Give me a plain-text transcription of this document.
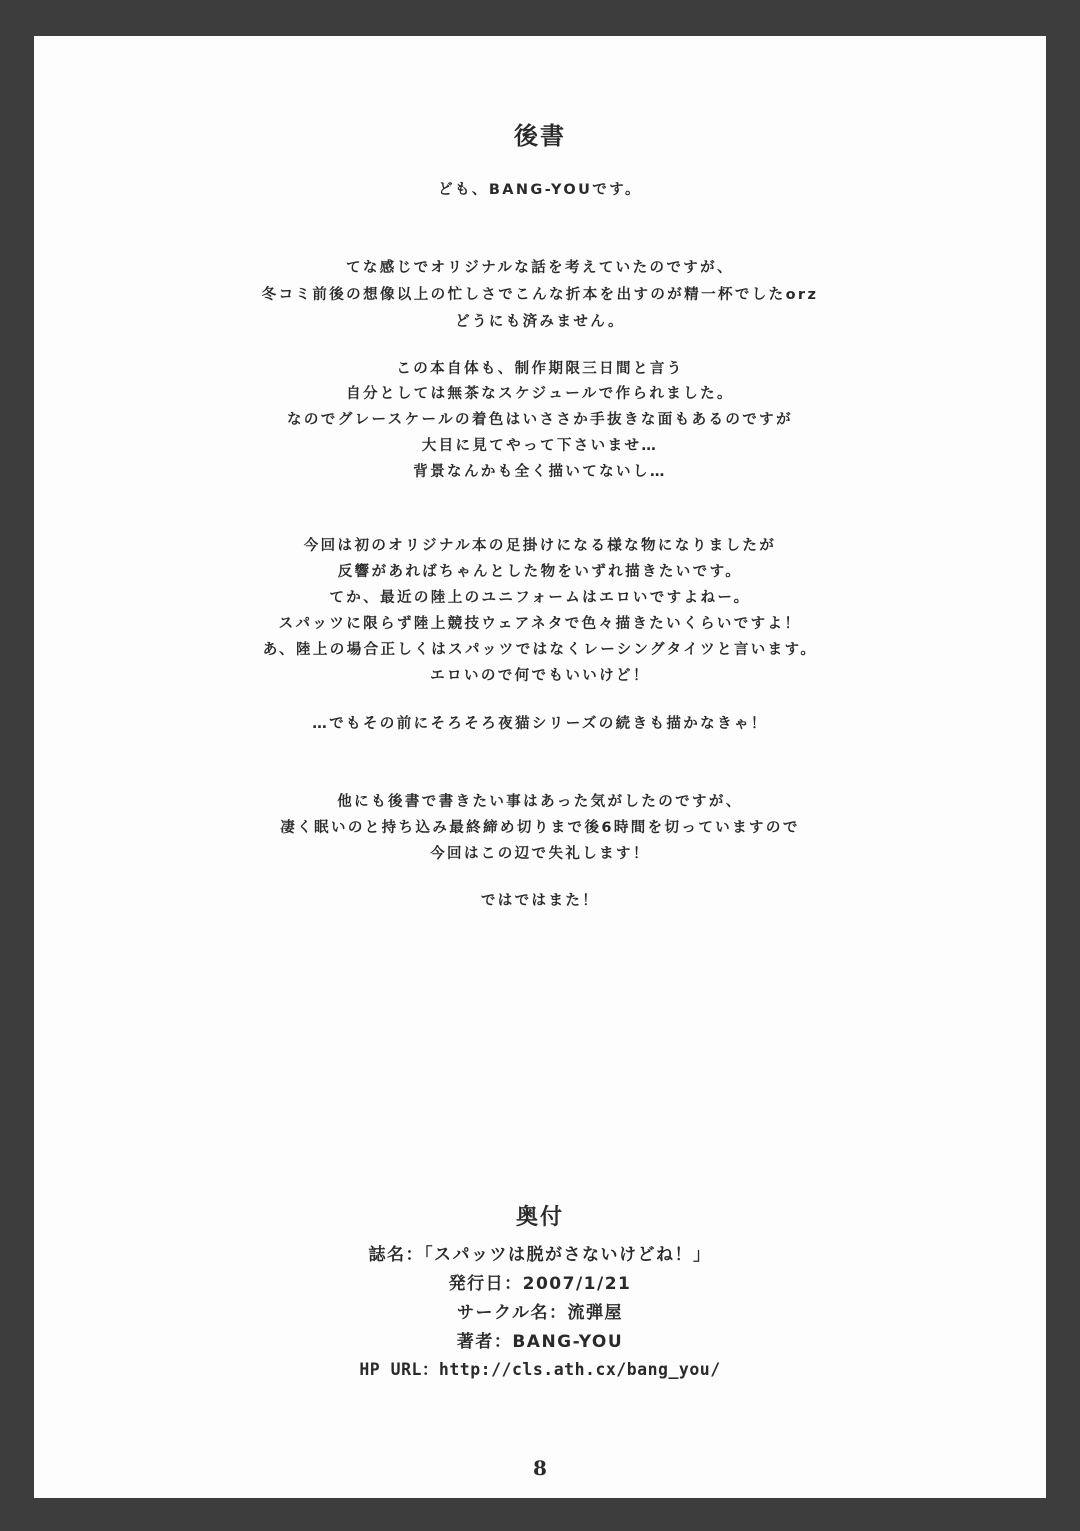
後書
ども、BANG-YOUです。
てな感じでオリジナルな話を考えていたのですが、
冬コミ前後の想像以上の忙しさでこんな折本を出すのが精一杯でしたorz
どうにも済みません。
この本自体も、制作期限三日間と言う
自分としては無茶なスケジュールで作られました。
なのでグレースケールの着色はいささか手抜きな面もあるのですが
大目に見てやって下さいませ…
背景なんかも全く描いてないし…
今回は初のオリジナル本の足掛けになる様な物になりましたが
反響があればちゃんとした物をいずれ描きたいです。
てか、最近の陸上のユニフォームはエロいですよねー。
スパッツに限らず陸上競技ウェアネタで色々描きたいくらいですよ！
あ、陸上の場合正しくはスパッツではなくレーシングタイツと言います。
エロいので何でもいいけど！
…でもその前にそろそろ夜猫シリーズの続きも描かなきゃ！
他にも後書で書きたい事はあった気がしたのですが、
凄く眠いのと持ち込み最終締め切りまで後6時間を切っていますので
今回はこの辺で失礼します！
ではではまた！
奥付
誌名：「スパッツは脱がさないけどね！」
発行日：2007/1/21
サークル名：流弾屋
著者：BANG-YOU
HP URL：http://cls.ath.cx/bang_you/
8
